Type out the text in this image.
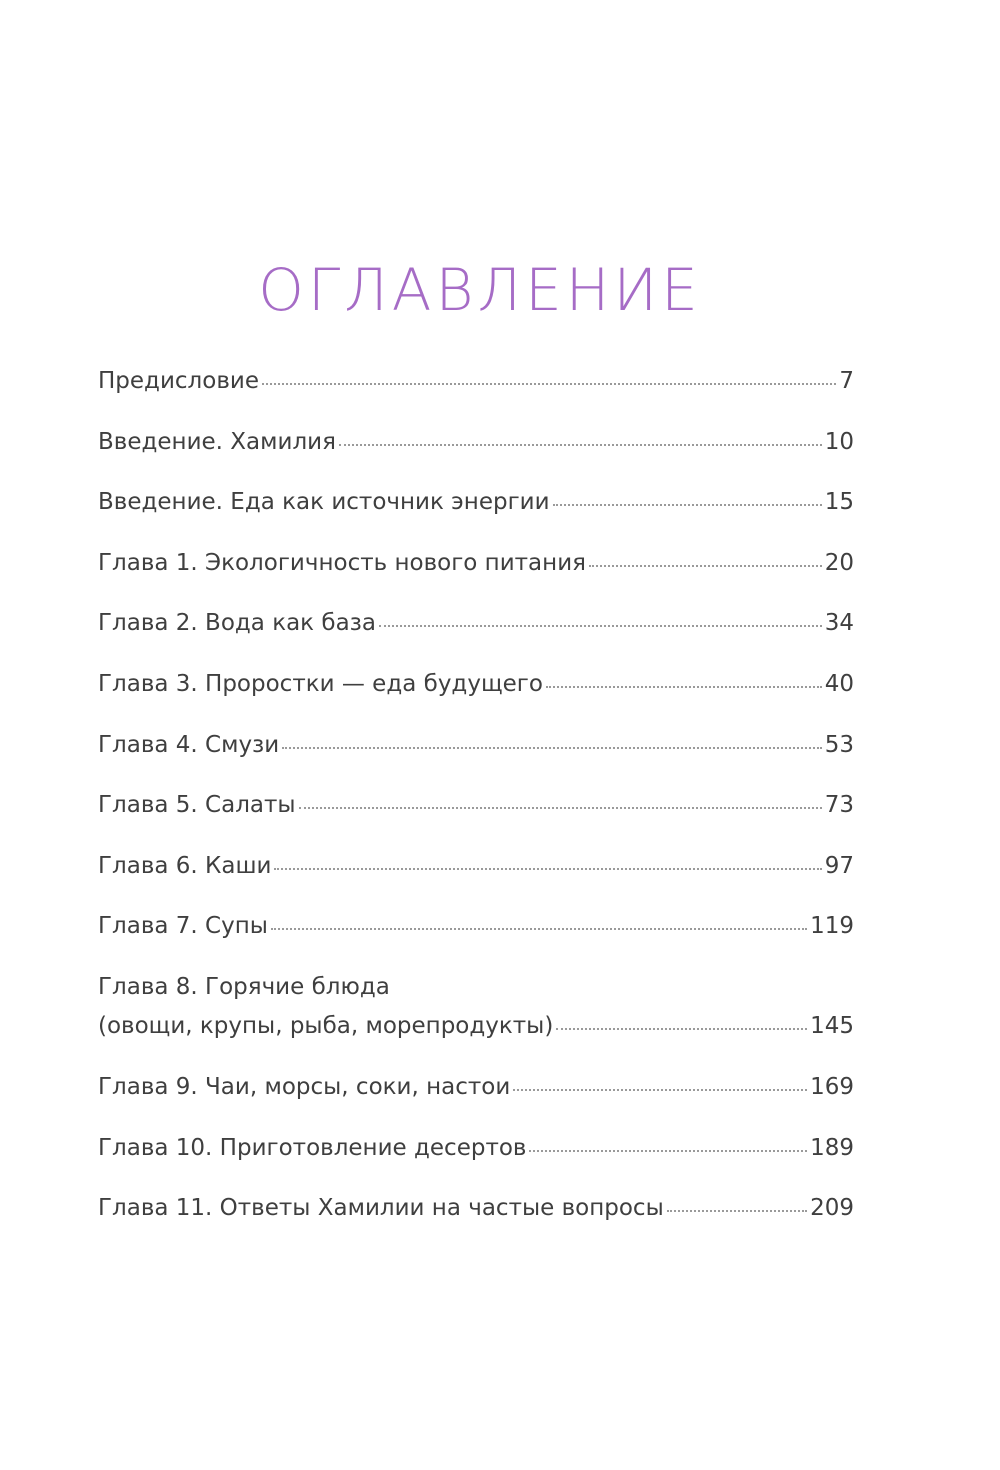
ОГЛАВЛЕНИЕ
Предисловие	7
Введение. Хамилия	10
Введение. Еда как источник энергии	15
Глава 1. Экологичность нового питания	20
Глава 2. Вода как база	34
Глава 3. Проростки — еда будущего	40
Глава 4. Смузи	53
Глава 5. Салаты	73
Глава 6. Каши	97
Глава 7. Супы	119
Глава 8. Горячие блюда
(овощи, крупы, рыба, морепродукты)	145
Глава 9. Чаи, морсы, соки, настои	169
Глава 10. Приготовление десертов	189
Глава 11. Ответы Хамилии на частые вопросы	209
